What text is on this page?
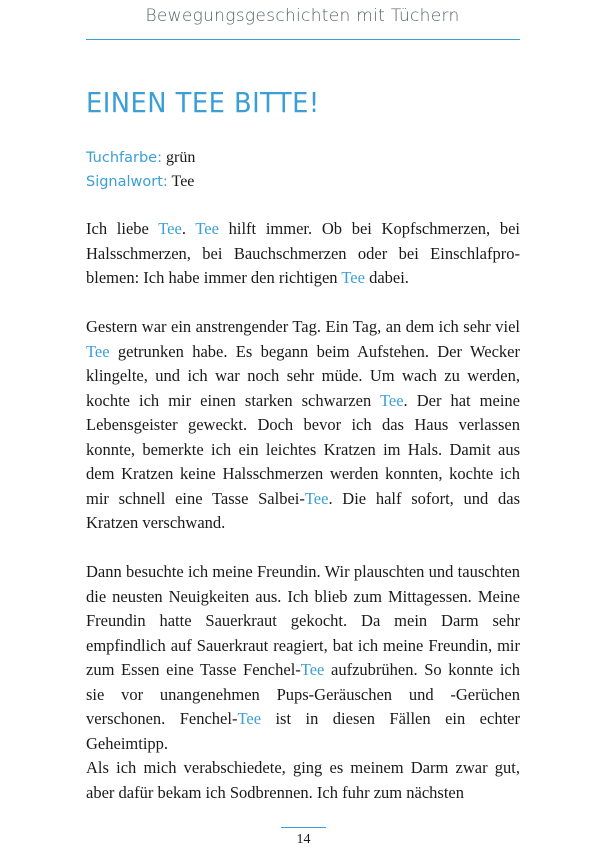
Bewegungsgeschichten mit Tüchern
EINEN TEE BITTE!
Tuchfarbe: grün
Signalwort: Tee

Ich liebe Tee. Tee hilft immer. Ob bei Kopfschmerzen, bei Halsschmerzen, bei Bauchschmerzen oder bei Einschlafproblemen: Ich habe immer den richtigen Tee dabei.

Gestern war ein anstrengender Tag. Ein Tag, an dem ich sehr viel Tee getrunken habe. Es begann beim Aufstehen. Der Wecker klingelte, und ich war noch sehr müde. Um wach zu werden, kochte ich mir einen starken schwarzen Tee. Der hat meine Lebensgeister geweckt. Doch bevor ich das Haus verlassen konnte, bemerkte ich ein leichtes Kratzen im Hals. Damit aus dem Kratzen keine Halsschmerzen werden konnten, kochte ich mir schnell eine Tasse Salbei-Tee. Die half sofort, und das Kratzen verschwand.

Dann besuchte ich meine Freundin. Wir plauschten und tauschten die neusten Neuigkeiten aus. Ich blieb zum Mittagessen. Meine Freundin hatte Sauerkraut gekocht. Da mein Darm sehr empfindlich auf Sauerkraut reagiert, bat ich meine Freundin, mir zum Essen eine Tasse Fenchel-Tee aufzubrühen. So konnte ich sie vor unangenehmen Pups-Geräuschen und -Gerüchen verschonen. Fenchel-Tee ist in diesen Fällen ein echter Geheimtipp.

Als ich mich verabschiedete, ging es meinem Darm zwar gut, aber dafür bekam ich Sodbrennen. Ich fuhr zum nächsten

14
